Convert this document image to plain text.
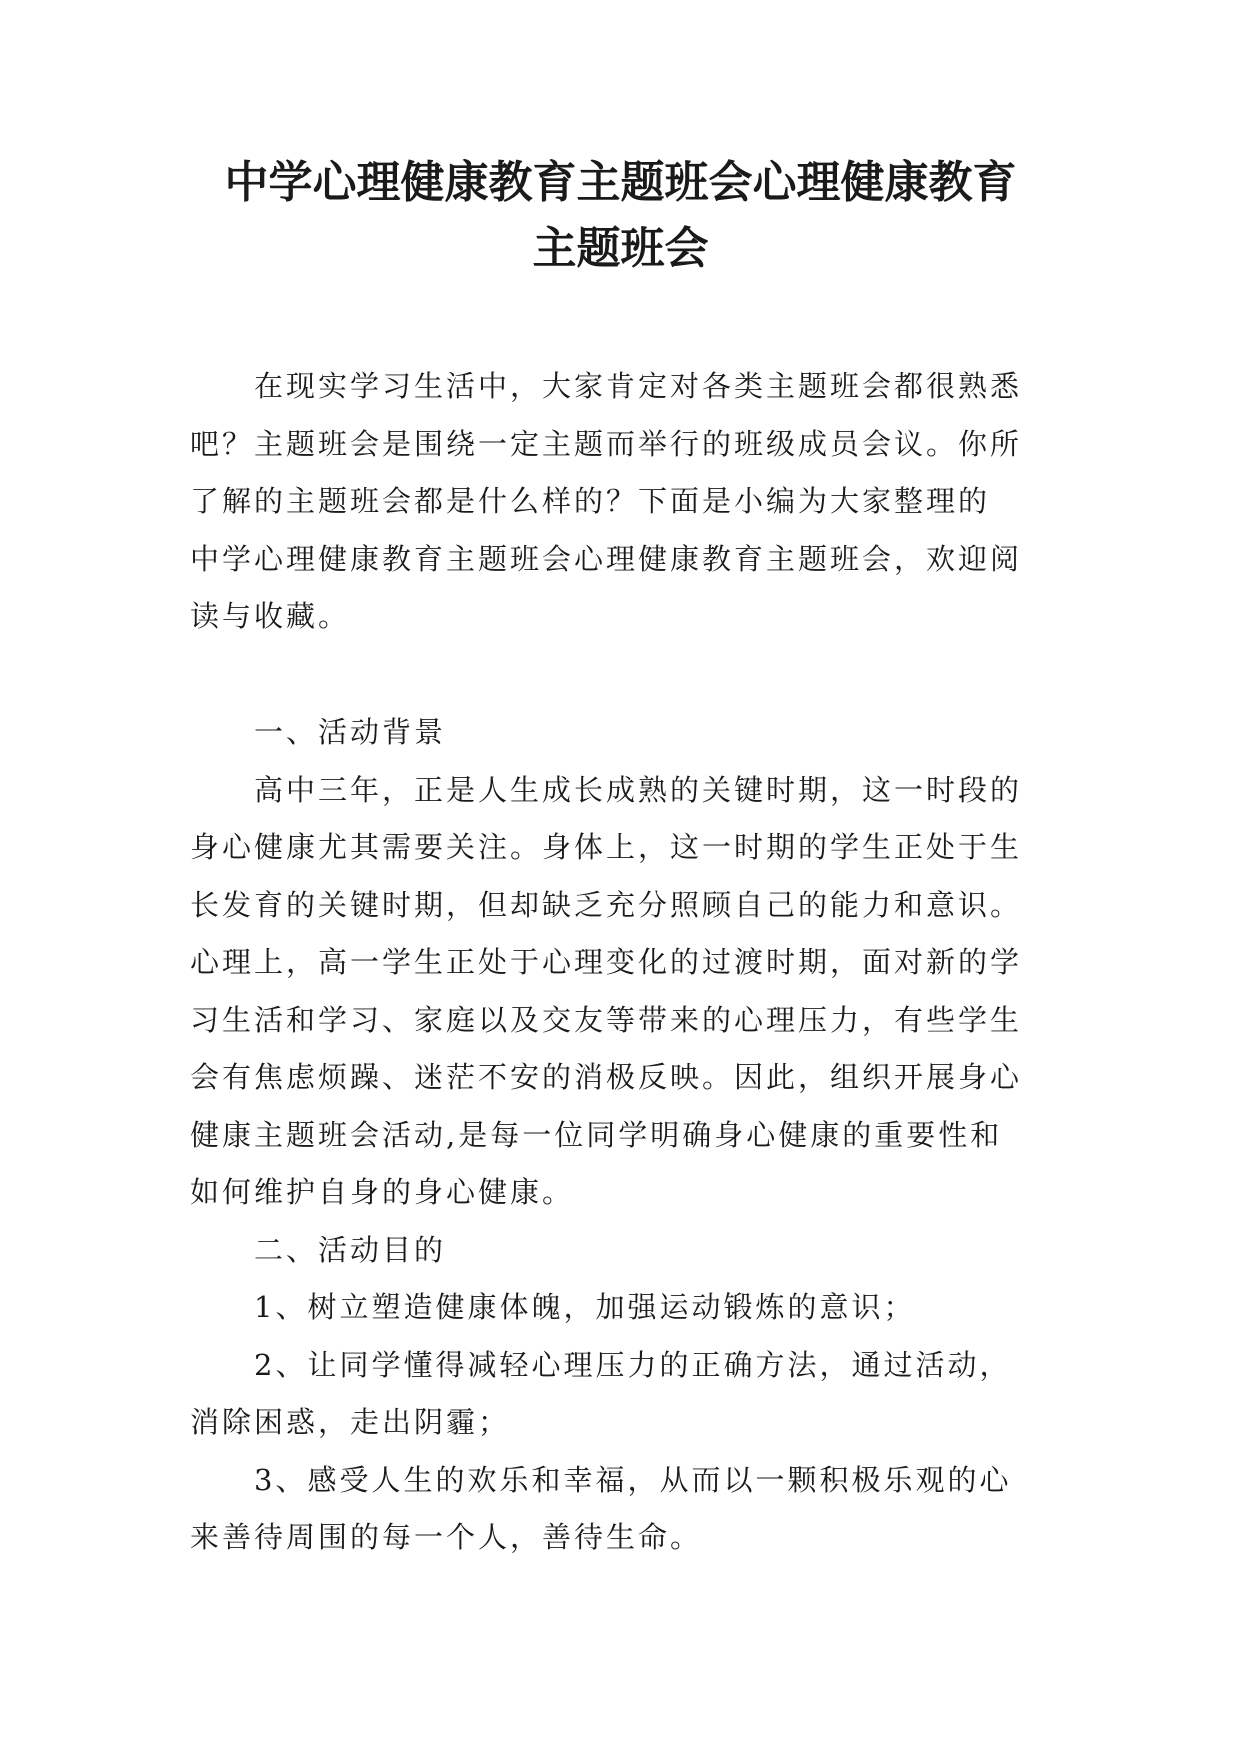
中学心理健康教育主题班会心理健康教育
主题班会
在现实学习生活中，大家肯定对各类主题班会都很熟悉
吧？主题班会是围绕一定主题而举行的班级成员会议。你所
了解的主题班会都是什么样的？下面是小编为大家整理的
中学心理健康教育主题班会心理健康教育主题班会，欢迎阅
读与收藏。
一、活动背景
高中三年，正是人生成长成熟的关键时期，这一时段的
身心健康尤其需要关注。身体上，这一时期的学生正处于生
长发育的关键时期，但却缺乏充分照顾自己的能力和意识。
心理上，高一学生正处于心理变化的过渡时期，面对新的学
习生活和学习、家庭以及交友等带来的心理压力，有些学生
会有焦虑烦躁、迷茫不安的消极反映。因此，组织开展身心
健康主题班会活动,是每一位同学明确身心健康的重要性和
如何维护自身的身心健康。
二、活动目的
1、树立塑造健康体魄，加强运动锻炼的意识；
2、让同学懂得减轻心理压力的正确方法，通过活动，
消除困惑，走出阴霾；
3、感受人生的欢乐和幸福，从而以一颗积极乐观的心
来善待周围的每一个人，善待生命。
